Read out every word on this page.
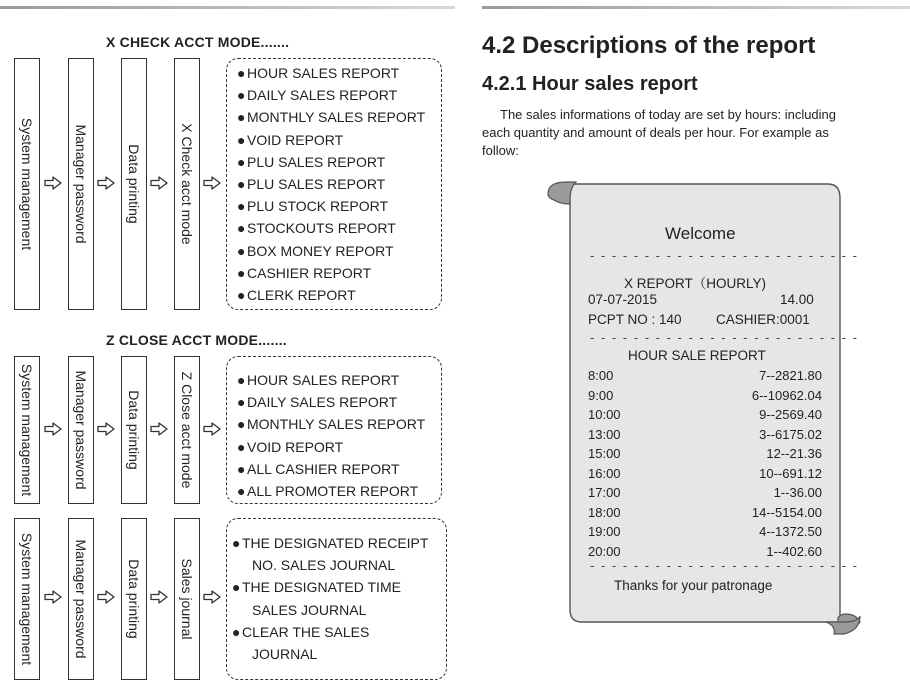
X CHECK ACCT MODE.......
Z CLOSE ACCT MODE.......
System management	Manager password	Data printing	X Check acct mode
● HOUR SALES REPORT
● DAILY SALES REPORT
● MONTHLY SALES REPORT
● VOID REPORT
● PLU SALES REPORT
● PLU SALES REPORT
● PLU STOCK REPORT
● STOCKOUTS REPORT
● BOX MONEY REPORT
● CASHIER REPORT
● CLERK REPORT
System management	Manager password	Data printing	Z Close acct mode	● HOUR SALES REPORT
● DAILY SALES REPORT
● MONTHLY SALES REPORT
● VOID REPORT
● ALL CASHIER REPORT
● ALL PROMOTER REPORT
System management	Manager password	Data printing	Sales journal
● THE DESIGNATED RECEIPT
NO. SALES JOURNAL
● THE DESIGNATED TIME
SALES JOURNAL
● CLEAR THE SALES
JOURNAL
4.2 Descriptions of the report
4.2.1 Hour sales report
The sales informations of today are set by hours: including
each quantity and amount of deals per hour. For example as
follow:
Welcome
- - - - - - - - - - - - - - - - - - - - - - - - -
X REPORT（HOURLY)
07-07-2015	14.00
PCPT NO : 140	CASHIER:0001
- - - - - - - - - - - - - - - - - - - - - - - - -
HOUR SALE REPORT
8:00	7--2821.80
9:00	6--10962.04
10:00	9--2569.40
13:00	3--6175.02
15:00	12--21.36
16:00	10--691.12
17:00	1--36.00
18:00	14--5154.00
19:00	4--1372.50
20:00	1--402.60
- - - - - - - - - - - - - - - - - - - - - - - - -
Thanks for your patronage
